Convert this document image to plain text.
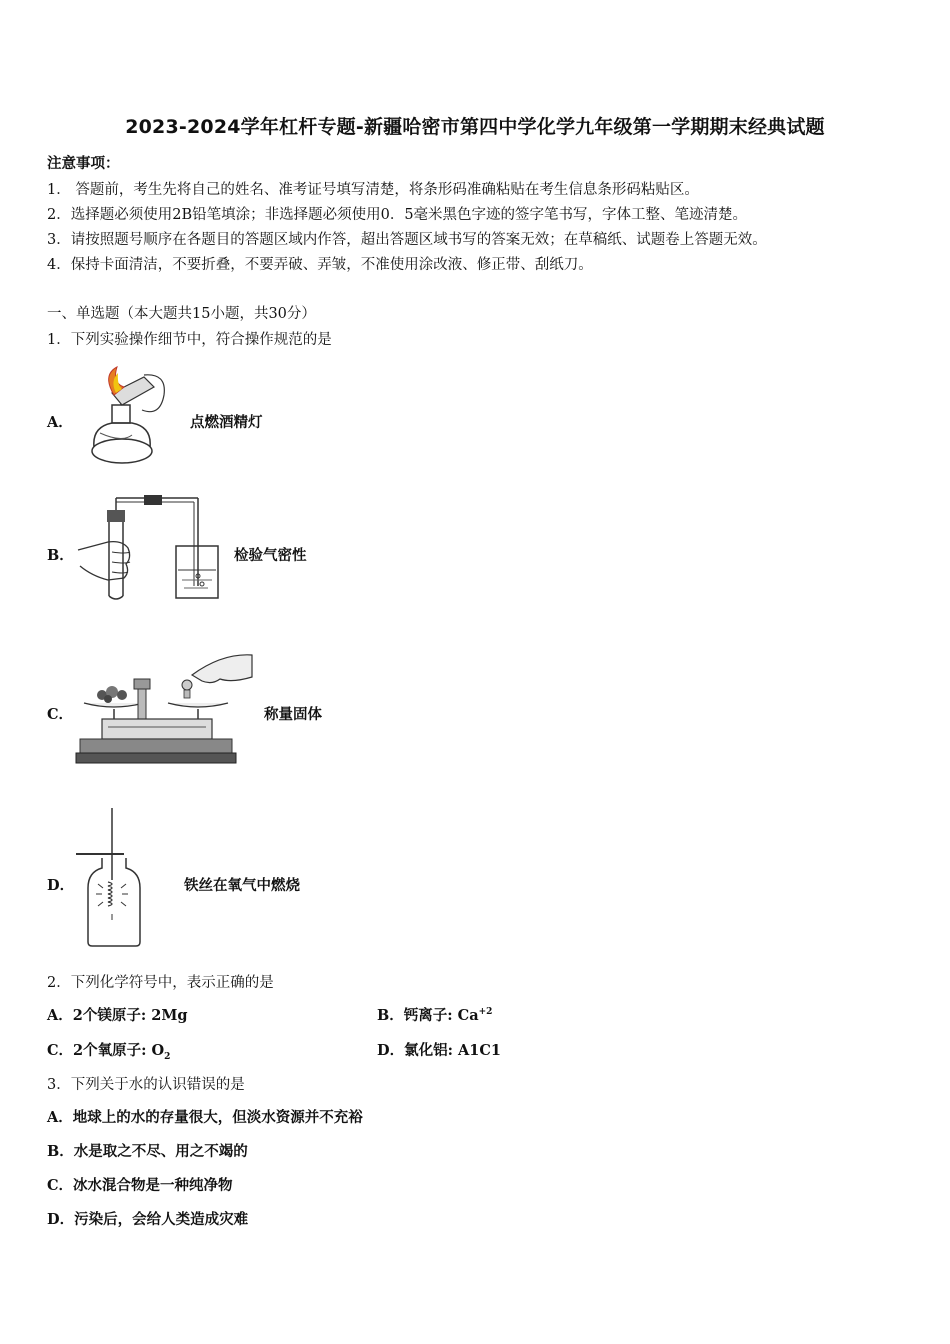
2023-2024学年杠杆专题-新疆哈密市第四中学化学九年级第一学期期末经典试题
注意事项：
1． 答题前，考生先将自己的姓名、准考证号填写清楚，将条形码准确粘贴在考生信息条形码粘贴区。
2．选择题必须使用2B铅笔填涂；非选择题必须使用0．5毫米黑色字迹的签字笔书写，字体工整、笔迹清楚。
3．请按照题号顺序在各题目的答题区域内作答，超出答题区域书写的答案无效；在草稿纸、试题卷上答题无效。
4．保持卡面清洁，不要折叠，不要弄破、弄皱，不准使用涂改液、修正带、刮纸刀。
一、单选题（本大题共15小题，共30分）
1．下列实验操作细节中，符合操作规范的是
A．	点燃酒精灯
B．	检验气密性
C．	称量固体
D．	铁丝在氧气中燃烧
2．下列化学符号中，表示正确的是
A．2个镁原子: 2Mg	B．钙离子: $Ca^{+2}$
C．2个氧原子: $O_2$	D．氯化铝: A1C1
3．下列关于水的认识错误的是
A．地球上的水的存量很大，但淡水资源并不充裕
B．水是取之不尽、用之不竭的
C．冰水混合物是一种纯净物
D．污染后，会给人类造成灾难
